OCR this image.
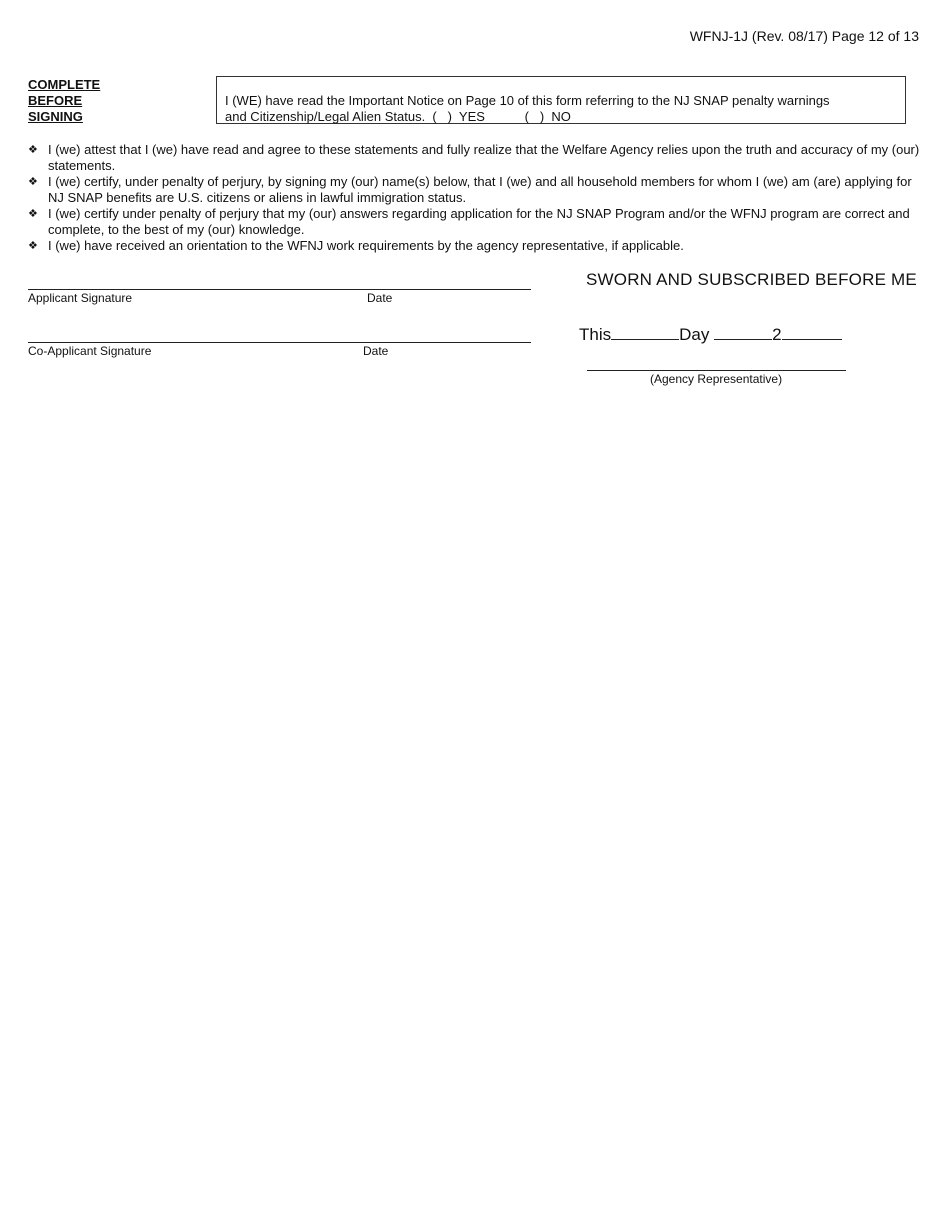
WFNJ-1J (Rev. 08/17) Page 12 of 13
COMPLETE
BEFORE
SIGNING
I (WE) have read the Important Notice on Page 10 of this form referring to the NJ SNAP penalty warnings
and Citizenship/Legal Alien Status. (   )  YES	(   )  NO
❖ I (we) attest that I (we) have read and agree to these statements and fully realize that the Welfare Agency relies upon the truth and accuracy of my (our) statements.
❖ I (we) certify, under penalty of perjury, by signing my (our) name(s) below, that I (we) and all household members for whom I (we) am (are) applying for NJ SNAP benefits are U.S. citizens or aliens in lawful immigration status.
❖ I (we) certify under penalty of perjury that my (our) answers regarding application for the NJ SNAP Program and/or the WFNJ program are correct and complete, to the best of my (our) knowledge.
❖ I (we) have received an orientation to the WFNJ work requirements by the agency representative, if applicable.
Applicant Signature	Date
Co-Applicant Signature	Date
SWORN AND SUBSCRIBED BEFORE ME
This	Day	2
(Agency Representative)
